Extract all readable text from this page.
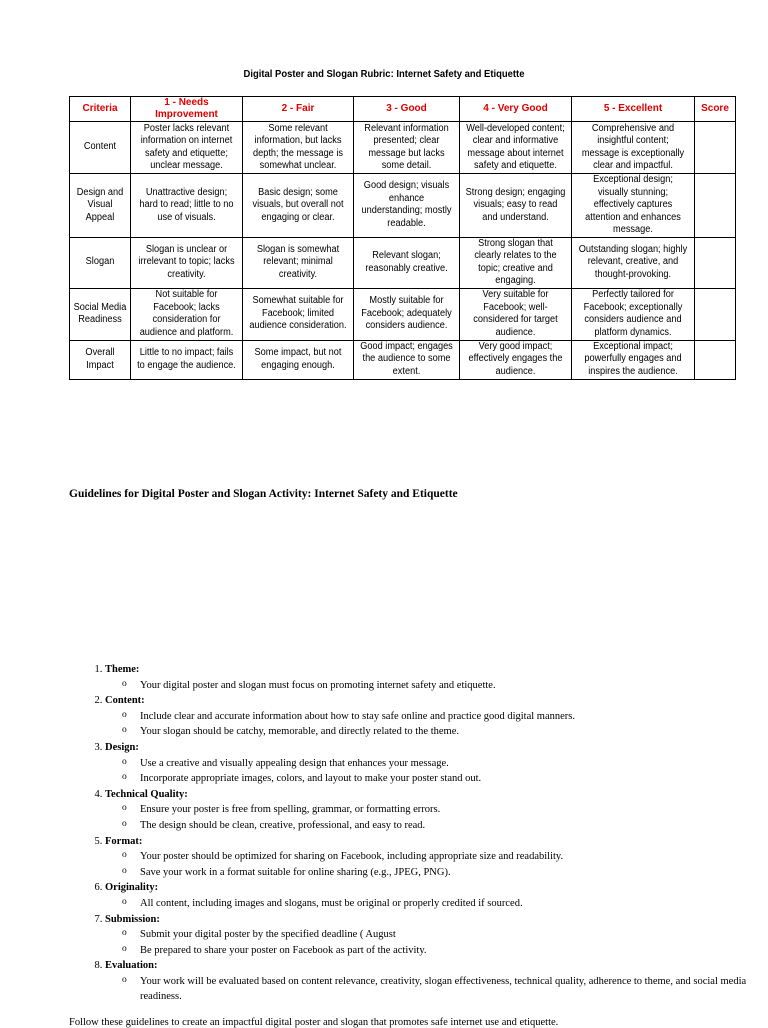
Digital Poster and Slogan Rubric: Internet Safety and Etiquette
Criteria	1 - Needs Improvement	2 - Fair	3 - Good	4 - Very Good	5 - Excellent	Score

Content	Poster lacks relevant information on internet safety and etiquette; unclear message.	Some relevant information, but lacks depth; the message is somewhat unclear.	Relevant information presented; clear message but lacks some detail.	Well-developed content; clear and informative message about internet safety and etiquette.	Comprehensive and insightful content; message is exceptionally clear and impactful.	

Design and Visual Appeal	Unattractive design; hard to read; little to no use of visuals.	Basic design; some visuals, but overall not engaging or clear.	Good design; visuals enhance understanding; mostly readable.	Strong design; engaging visuals; easy to read and understand.	Exceptional design; visually stunning; effectively captures attention and enhances message.	

Slogan	Slogan is unclear or irrelevant to topic; lacks creativity.	Slogan is somewhat relevant; minimal creativity.	Relevant slogan; reasonably creative.	Strong slogan that clearly relates to the topic; creative and engaging.	Outstanding slogan; highly relevant, creative, and thought-provoking.	

Social Media Readiness	Not suitable for Facebook; lacks consideration for audience and platform.	Somewhat suitable for Facebook; limited audience consideration.	Mostly suitable for Facebook; adequately considers audience.	Very suitable for Facebook; well-considered for target audience.	Perfectly tailored for Facebook; exceptionally considers audience and platform dynamics.	

Overall Impact	Little to no impact; fails to engage the audience.	Some impact, but not engaging enough.	Good impact; engages the audience to some extent.	Very good impact; effectively engages the audience.	Exceptional impact; powerfully engages and inspires the audience.	

Guidelines for Digital Poster and Slogan Activity: Internet Safety and Etiquette
1. Theme:
o Your digital poster and slogan must focus on promoting internet safety and etiquette.
2. Content:
o Include clear and accurate information about how to stay safe online and practice good digital manners.
o Your slogan should be catchy, memorable, and directly related to the theme.
3. Design:
o Use a creative and visually appealing design that enhances your message.
o Incorporate appropriate images, colors, and layout to make your poster stand out.
4. Technical Quality:
o Ensure your poster is free from spelling, grammar, or formatting errors.
o The design should be clean, creative, professional, and easy to read.
5. Format:
o Your poster should be optimized for sharing on Facebook, including appropriate size and readability.
o Save your work in a format suitable for online sharing (e.g., JPEG, PNG).
6. Originality:
o All content, including images and slogans, must be original or properly credited if sourced.
7. Submission:
o Submit your digital poster by the specified deadline ( August
o Be prepared to share your poster on Facebook as part of the activity.
8. Evaluation:
o Your work will be evaluated based on content relevance, creativity, slogan effectiveness, technical quality, adherence to theme, and social media readiness.
Follow these guidelines to create an impactful digital poster and slogan that promotes safe internet use and etiquette.
